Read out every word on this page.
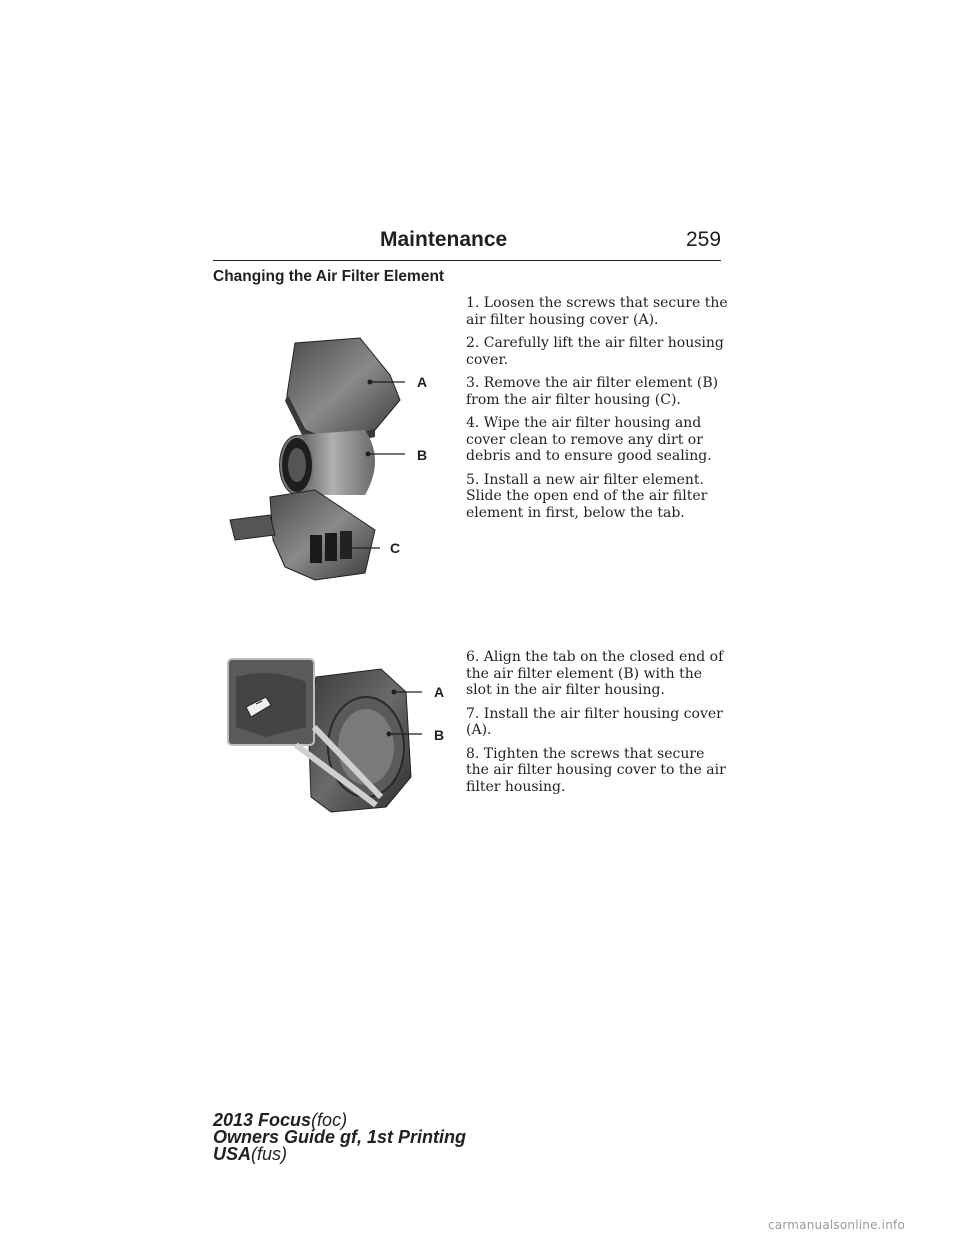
Maintenance	259
Changing the Air Filter Element

1. Loosen the screws that secure the air filter housing cover (A).

2. Carefully lift the air filter housing cover.

3. Remove the air filter element (B) from the air filter housing (C).

4. Wipe the air filter housing and cover clean to remove any dirt or debris and to ensure good sealing.

5. Install a new air filter element. Slide the open end of the air filter element in first, below the tab.

6. Align the tab on the closed end of the air filter element (B) with the slot in the air filter housing.

7. Install the air filter housing cover (A).

8. Tighten the screws that secure the air filter housing cover to the air filter housing.

A
B
C
A
B
2013 Focus(foc)
Owners Guide gf, 1st Printing
USA(fus)
carmanualsonline.info
